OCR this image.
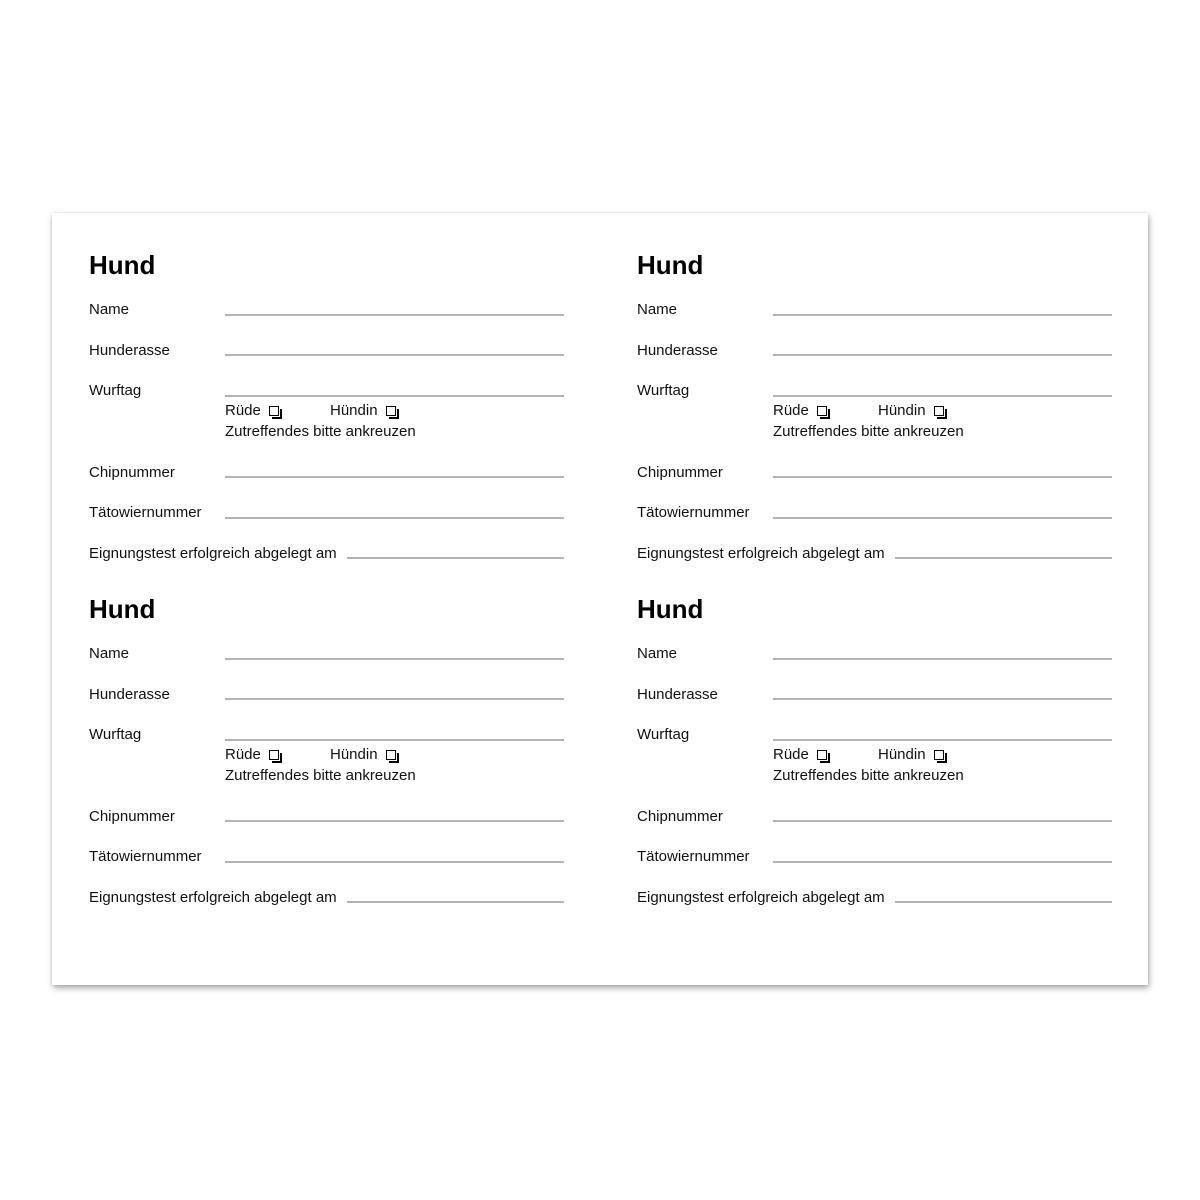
Hund
Name
Hunderasse
Wurftag
Rüde	Hündin
Zutreffendes bitte ankreuzen
Chipnummer
Tätowiernummer
Eignungstest erfolgreich abgelegt am
Hund
Name
Hunderasse
Wurftag
Rüde	Hündin
Zutreffendes bitte ankreuzen
Chipnummer
Tätowiernummer
Eignungstest erfolgreich abgelegt am
Hund
Name
Hunderasse
Wurftag
Rüde	Hündin
Zutreffendes bitte ankreuzen
Chipnummer
Tätowiernummer
Eignungstest erfolgreich abgelegt am
Hund
Name
Hunderasse
Wurftag
Rüde	Hündin
Zutreffendes bitte ankreuzen
Chipnummer
Tätowiernummer
Eignungstest erfolgreich abgelegt am
